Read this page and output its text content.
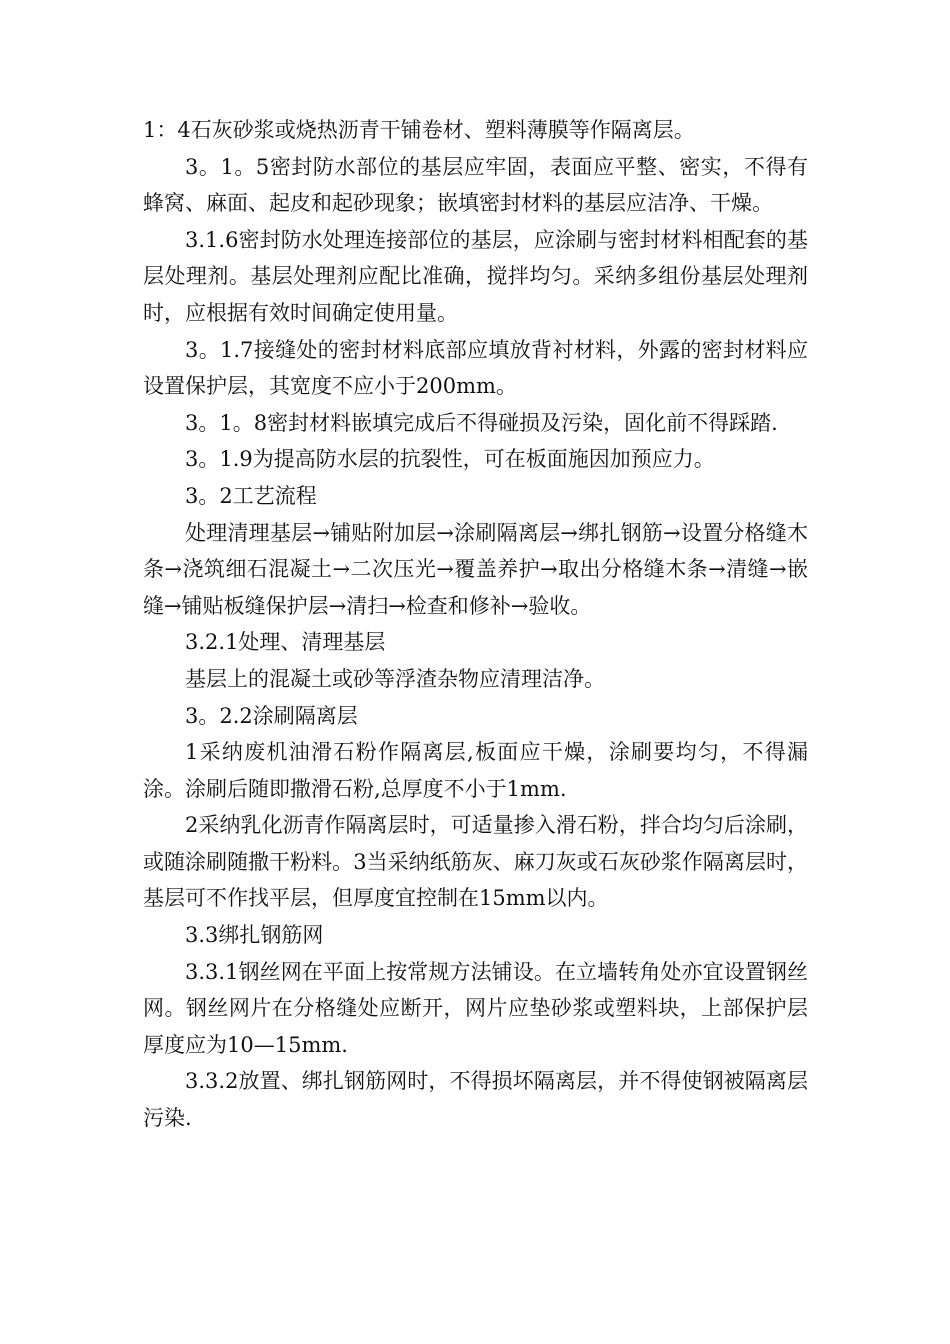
1：4石灰砂浆或烧热沥青干铺卷材、塑料薄膜等作隔离层。

3。1。5密封防水部位的基层应牢固，表面应平整、密实，不得有蜂窝、麻面、起皮和起砂现象；嵌填密封材料的基层应洁净、干燥。

3.1.6密封防水处理连接部位的基层，应涂刷与密封材料相配套的基层处理剂。基层处理剂应配比准确，搅拌均匀。采纳多组份基层处理剂时，应根据有效时间确定使用量。

3。1.7接缝处的密封材料底部应填放背衬材料，外露的密封材料应设置保护层，其宽度不应小于200mm。

3。1。8密封材料嵌填完成后不得碰损及污染，固化前不得踩踏.

3。1.9为提高防水层的抗裂性，可在板面施因加预应力。

3。2工艺流程

处理清理基层→铺贴附加层→涂刷隔离层→绑扎钢筋→设置分格缝木条→浇筑细石混凝土→二次压光→覆盖养护→取出分格缝木条→清缝→嵌缝→铺贴板缝保护层→清扫→检查和修补→验收。

3.2.1处理、清理基层

基层上的混凝土或砂等浮渣杂物应清理洁净。

3。2.2涂刷隔离层

1采纳废机油滑石粉作隔离层,板面应干燥，涂刷要均匀，不得漏涂。涂刷后随即撒滑石粉,总厚度不小于1mm.

2采纳乳化沥青作隔离层时，可适量掺入滑石粉，拌合均匀后涂刷，或随涂刷随撒干粉料。3当采纳纸筋灰、麻刀灰或石灰砂浆作隔离层时，基层可不作找平层，但厚度宜控制在15mm以内。

3.3绑扎钢筋网

3.3.1钢丝网在平面上按常规方法铺设。在立墙转角处亦宜设置钢丝网。钢丝网片在分格缝处应断开，网片应垫砂浆或塑料块，上部保护层厚度应为10—15mm.

3.3.2放置、绑扎钢筋网时，不得损坏隔离层，并不得使钢被隔离层污染.
